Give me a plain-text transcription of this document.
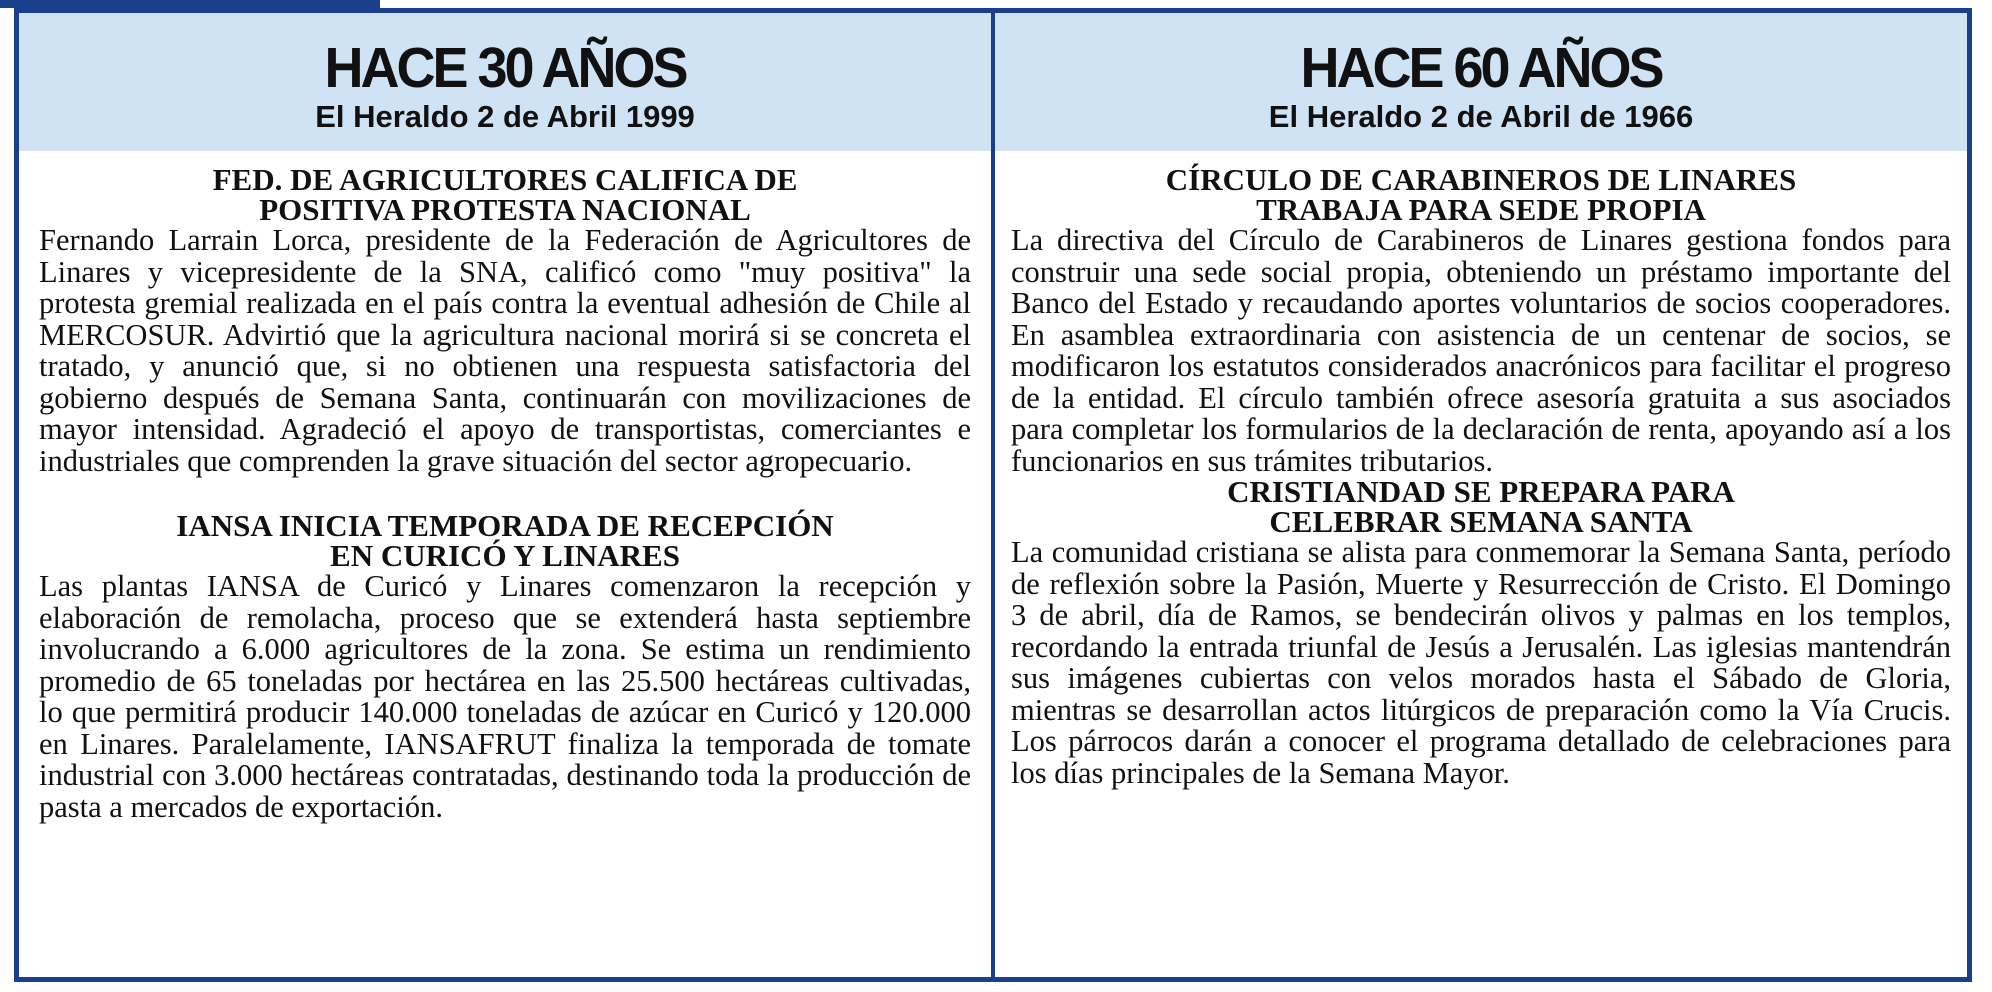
HACE 30 AÑOS
El Heraldo 2 de Abril 1999
FED. DE AGRICULTORES CALIFICA DE
POSITIVA PROTESTA NACIONAL

Fernando Larrain Lorca, presidente de la Federación de Agricultores de Linares y vicepresidente de la SNA, calificó como "muy positiva" la protesta gremial realizada en el país contra la eventual adhesión de Chile al MERCOSUR. Advirtió que la agricultura nacional morirá si se concreta el tratado, y anunció que, si no obtienen una respuesta satisfactoria del gobierno después de Semana Santa, continuarán con movilizaciones de mayor intensidad. Agradeció el apoyo de transportistas, comerciantes e industriales que comprenden la grave situación del sector agropecuario.

IANSA INICIA TEMPORADA DE RECEPCIÓN
EN CURICÓ Y LINARES

Las plantas IANSA de Curicó y Linares comenzaron la recepción y elaboración de remolacha, proceso que se extenderá hasta septiembre involucrando a 6.000 agricultores de la zona. Se estima un rendimiento promedio de 65 toneladas por hectárea en las 25.500 hectáreas cultivadas, lo que permitirá producir 140.000 toneladas de azúcar en Curicó y 120.000 en Linares. Paralelamente, IANSAFRUT finaliza la temporada de tomate industrial con 3.000 hectáreas contratadas, destinando toda la producción de pasta a mercados de exportación.

HACE 60 AÑOS
El Heraldo 2 de Abril de 1966
CÍRCULO DE CARABINEROS DE LINARES
TRABAJA PARA SEDE PROPIA

La directiva del Círculo de Carabineros de Linares gestiona fondos para construir una sede social propia, obteniendo un préstamo importante del Banco del Estado y recaudando aportes voluntarios de socios cooperadores. En asamblea extraordinaria con asistencia de un centenar de socios, se modificaron los estatutos considerados anacrónicos para facilitar el progreso de la entidad. El círculo también ofrece asesoría gratuita a sus asociados para completar los formularios de la declaración de renta, apoyando así a los funcionarios en sus trámites tributarios.

CRISTIANDAD SE PREPARA PARA
CELEBRAR SEMANA SANTA

La comunidad cristiana se alista para conmemorar la Semana Santa, período de reflexión sobre la Pasión, Muerte y Resurrección de Cristo. El Domingo 3 de abril, día de Ramos, se bendecirán olivos y palmas en los templos, recordando la entrada triunfal de Jesús a Jerusalén. Las iglesias mantendrán sus imágenes cubiertas con velos morados hasta el Sábado de Gloria, mientras se desarrollan actos litúrgicos de preparación como la Vía Crucis. Los párrocos darán a conocer el programa detallado de celebraciones para los días principales de la Semana Mayor.
